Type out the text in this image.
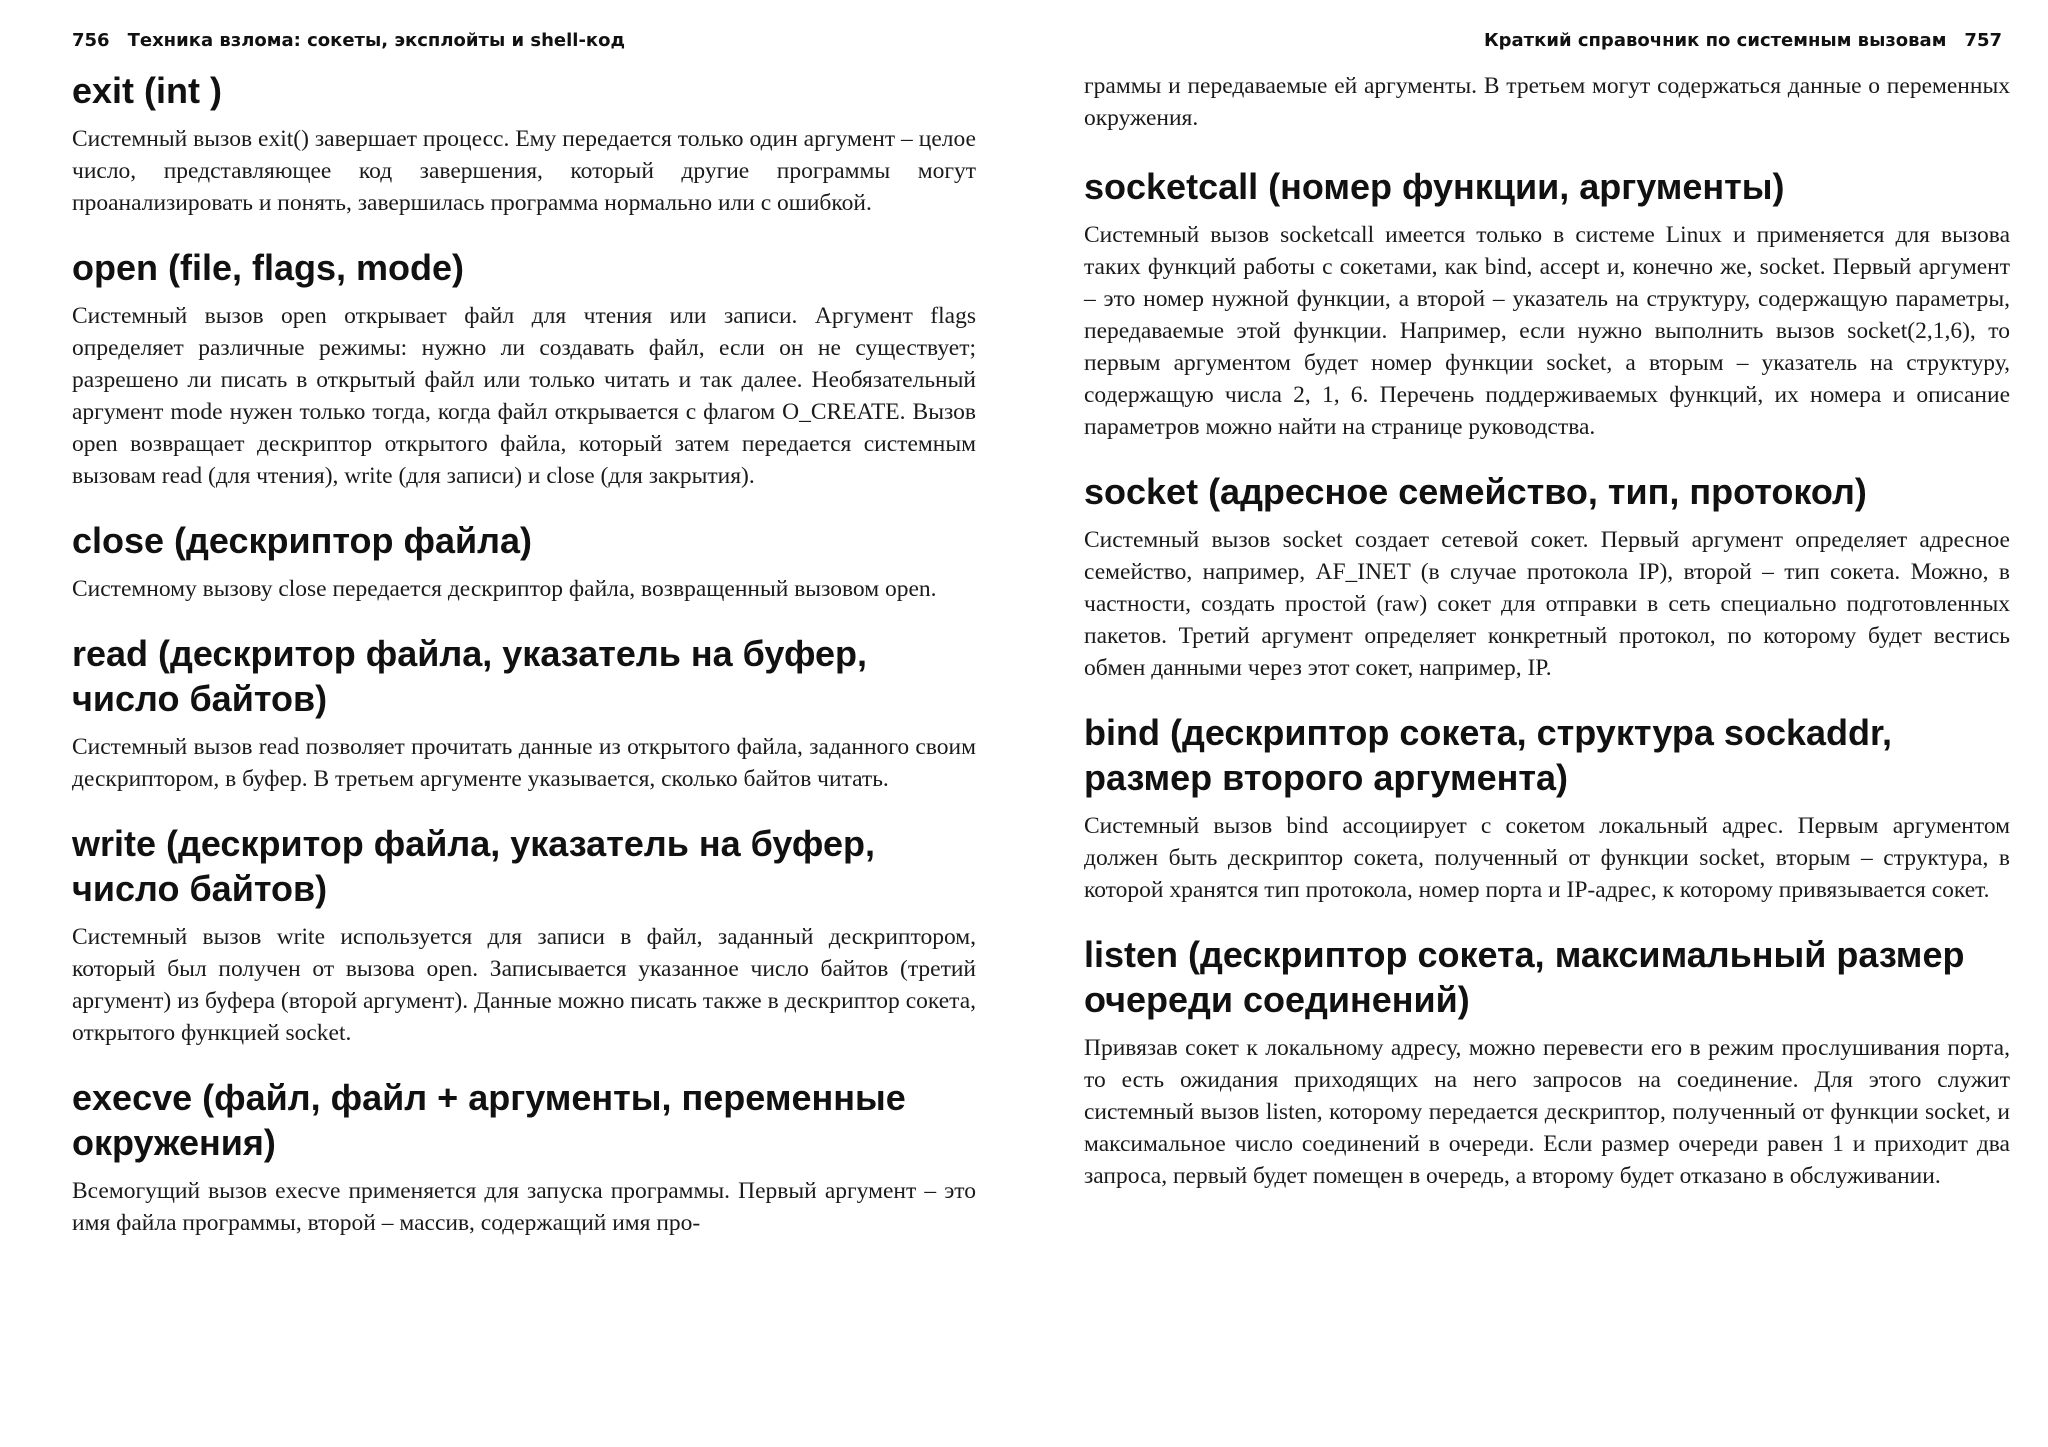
756 Техника взлома: сокеты, эксплойты и shell-код
exit (int )

Системный вызов exit() завершает процесс. Ему передается только один аргумент – целое число, представляющее код завершения, который другие программы могут проанализировать и понять, завершилась программа нормально или с ошибкой.

open (file, flags, mode)

Системный вызов open открывает файл для чтения или записи. Аргумент flags определяет различные режимы: нужно ли создавать файл, если он не существует; разрешено ли писать в открытый файл или только читать и так далее. Необязательный аргумент mode нужен только тогда, когда файл открывается с флагом O_CREATE. Вызов open возвращает дескриптор открытого файла, который затем передается системным вызовам read (для чтения), write (для записи) и close (для закрытия).

close (дескриптор файла)

Системному вызову close передается дескриптор файла, возвращенный вызовом open.

read (дескритор файла, указатель на буфер, число байтов)

Системный вызов read позволяет прочитать данные из открытого файла, заданного своим дескриптором, в буфер. В третьем аргументе указывается, сколько байтов читать.

write (дескритор файла, указатель на буфер, число байтов)

Системный вызов write используется для записи в файл, заданный дескриптором, который был получен от вызова open. Записывается указанное число байтов (третий аргумент) из буфера (второй аргумент). Данные можно писать также в дескриптор сокета, открытого функцией socket.

execve (файл, файл + аргументы, переменные окружения)

Всемогущий вызов execve применяется для запуска программы. Первый аргумент – это имя файла программы, второй – массив, содержащий имя про-

Краткий справочник по системным вызовам 757

граммы и передаваемые ей аргументы. В третьем могут содержаться данные о переменных окружения.

socketcall (номер функции, аргументы)

Системный вызов socketcall имеется только в системе Linux и применяется для вызова таких функций работы с сокетами, как bind, accept и, конечно же, socket. Первый аргумент – это номер нужной функции, а второй – указатель на структуру, содержащую параметры, передаваемые этой функции. Например, если нужно выполнить вызов socket(2,1,6), то первым аргументом будет номер функции socket, а вторым – указатель на структуру, содержащую числа 2, 1, 6. Перечень поддерживаемых функций, их номера и описание параметров можно найти на странице руководства.

socket (адресное семейство, тип, протокол)

Системный вызов socket создает сетевой сокет. Первый аргумент определяет адресное семейство, например, AF_INET (в случае протокола IP), второй – тип сокета. Можно, в частности, создать простой (raw) сокет для отправки в сеть специально подготовленных пакетов. Третий аргумент определяет конкретный протокол, по которому будет вестись обмен данными через этот сокет, например, IP.

bind (дескриптор сокета, структура sockaddr, размер второго аргумента)

Системный вызов bind ассоциирует с сокетом локальный адрес. Первым аргументом должен быть дескриптор сокета, полученный от функции socket, вторым – структура, в которой хранятся тип протокола, номер порта и IP-адрес, к которому привязывается сокет.

listen (дескриптор сокета, максимальный размер очереди соединений)

Привязав сокет к локальному адресу, можно перевести его в режим прослушивания порта, то есть ожидания приходящих на него запросов на соединение. Для этого служит системный вызов listen, которому передается дескриптор, полученный от функции socket, и максимальное число соединений в очереди. Если размер очереди равен 1 и приходит два запроса, первый будет помещен в очередь, а второму будет отказано в обслуживании.
